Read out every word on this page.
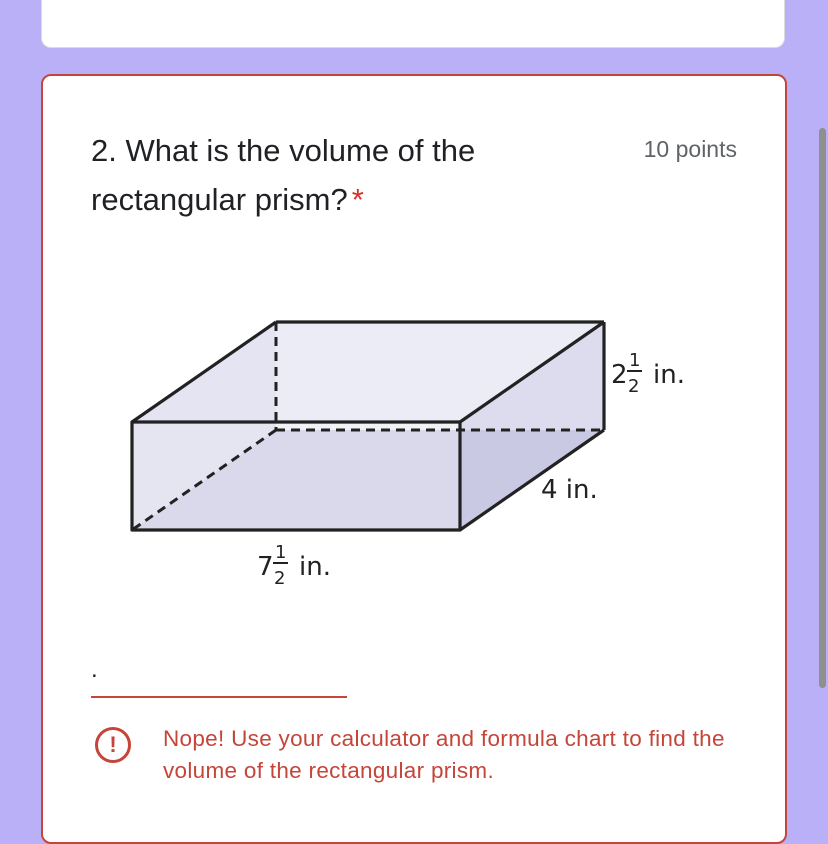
2. What is the volume of the rectangular prism? *
10 points
2 1
2 in.
4 in.
7 1
2 in.
.
!	Nope! Use your calculator and formula chart to find the volume of the rectangular prism.
